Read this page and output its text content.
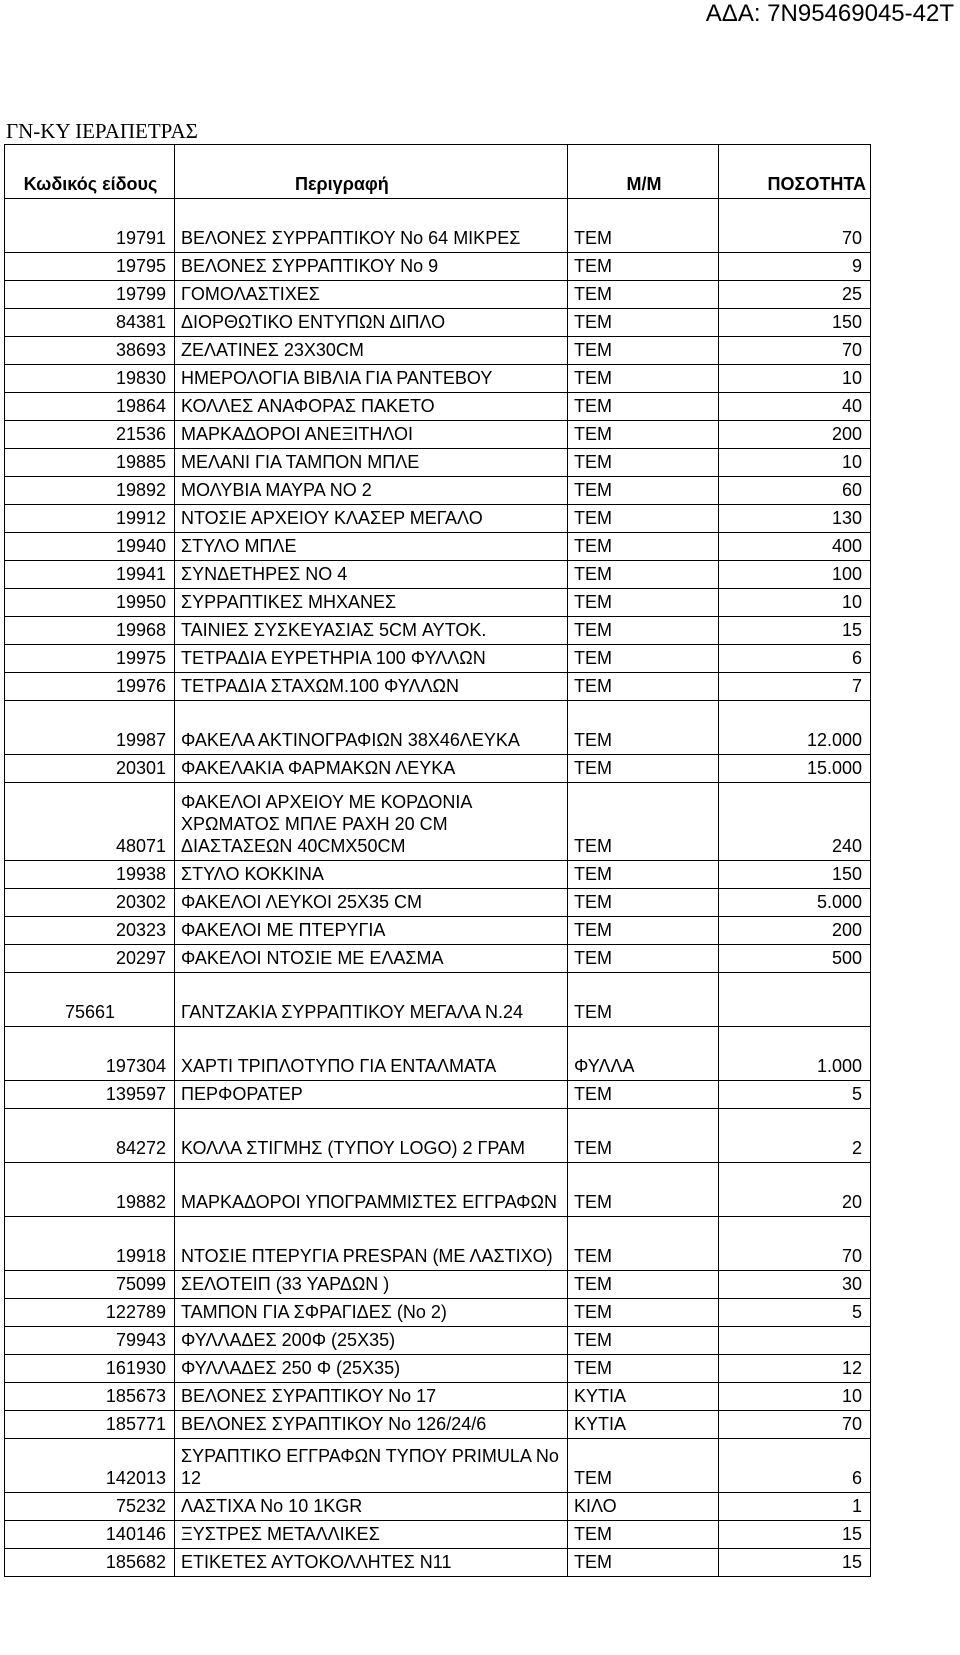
ΑΔΑ: 7Ν95469045-42Τ
ΓΝ-ΚΥ ΙΕΡΑΠΕΤΡΑΣ
Κωδικός είδους	Περιγραφή	Μ/Μ	ΠΟΣΟΤΗΤΑ
19791	ΒΕΛΟΝΕΣ ΣΥΡΡΑΠΤΙΚΟΥ Νο 64 ΜΙΚΡΕΣ	ΤΕΜ	70
19795	ΒΕΛΟΝΕΣ ΣΥΡΡΑΠΤΙΚΟΥ Νο 9	ΤΕΜ	9
19799	ΓΟΜΟΛΑΣΤΙΧΕΣ	ΤΕΜ	25
84381	ΔΙΟΡΘΩΤΙΚΟ ΕΝΤΥΠΩΝ ΔΙΠΛΟ	ΤΕΜ	150
38693	ΖΕΛΑΤΙΝΕΣ 23Χ30CM	ΤΕΜ	70
19830	ΗΜΕΡΟΛΟΓΙΑ ΒΙΒΛΙΑ ΓΙΑ ΡΑΝΤΕΒΟΥ	ΤΕΜ	10
19864	ΚΟΛΛΕΣ ΑΝΑΦΟΡΑΣ ΠΑΚΕΤΟ	ΤΕΜ	40
21536	ΜΑΡΚΑΔΟΡΟΙ ΑΝΕΞΙΤΗΛΟΙ	ΤΕΜ	200
19885	ΜΕΛΑΝΙ ΓΙΑ ΤΑΜΠΟΝ ΜΠΛΕ	ΤΕΜ	10
19892	ΜΟΛΥΒΙΑ ΜΑΥΡΑ ΝΟ 2	ΤΕΜ	60
19912	ΝΤΟΣΙΕ ΑΡΧΕΙΟΥ ΚΛΑΣΕΡ ΜΕΓΑΛΟ	ΤΕΜ	130
19940	ΣΤΥΛΟ ΜΠΛΕ	ΤΕΜ	400
19941	ΣΥΝΔΕΤΗΡΕΣ ΝΟ 4	ΤΕΜ	100
19950	ΣΥΡΡΑΠΤΙΚΕΣ ΜΗΧΑΝΕΣ	ΤΕΜ	10
19968	ΤΑΙΝΙΕΣ ΣΥΣΚΕΥΑΣΙΑΣ 5CM ΑΥΤΟΚ.	ΤΕΜ	15
19975	ΤΕΤΡΑΔΙΑ ΕΥΡΕΤΗΡΙΑ 100 ΦΥΛΛΩΝ	ΤΕΜ	6
19976	ΤΕΤΡΑΔΙΑ ΣΤΑΧΩΜ.100 ΦΥΛΛΩΝ	ΤΕΜ	7
19987	ΦΑΚΕΛΑ ΑΚΤΙΝΟΓΡΑΦΙΩΝ 38Χ46ΛΕΥΚΑ	ΤΕΜ	12.000
20301	ΦΑΚΕΛΑΚΙΑ ΦΑΡΜΑΚΩΝ ΛΕΥΚΑ	ΤΕΜ	15.000
48071	ΦΑΚΕΛΟΙ ΑΡΧΕΙΟΥ ΜΕ ΚΟΡΔΟΝΙΑ ΧΡΩΜΑΤΟΣ ΜΠΛΕ ΡΑΧΗ 20 CM ΔΙΑΣΤΑΣΕΩΝ 40CMX50CM	ΤΕΜ	240
19938	ΣΤΥΛΟ ΚΟΚΚΙΝΑ	ΤΕΜ	150
20302	ΦΑΚΕΛΟΙ ΛΕΥΚΟΙ 25Χ35 CM	ΤΕΜ	5.000
20323	ΦΑΚΕΛΟΙ ΜΕ ΠΤΕΡΥΓΙΑ	ΤΕΜ	200
20297	ΦΑΚΕΛΟΙ ΝΤΟΣΙΕ ΜΕ ΕΛΑΣΜΑ	ΤΕΜ	500
75661	ΓΑΝΤΖΑΚΙΑ ΣΥΡΡΑΠΤΙΚΟΥ ΜΕΓΑΛΑ Ν.24	ΤΕΜ	
197304	ΧΑΡΤΙ ΤΡΙΠΛΟΤΥΠΟ ΓΙΑ ΕΝΤΑΛΜΑΤΑ	ΦΥΛΛΑ	1.000
139597	ΠΕΡΦΟΡΑΤΕΡ	ΤΕΜ	5
84272	ΚΟΛΛΑ ΣΤΙΓΜΗΣ (ΤΥΠΟΥ LOGO) 2 ΓΡΑΜ	ΤΕΜ	2
19882	ΜΑΡΚΑΔΟΡΟΙ ΥΠΟΓΡΑΜΜΙΣΤΕΣ ΕΓΓΡΑΦΩΝ	ΤΕΜ	20
19918	ΝΤΟΣΙΕ ΠΤΕΡΥΓΙΑ PRESPAN (ΜΕ ΛΑΣΤΙΧΟ)	ΤΕΜ	70
75099	ΣΕΛΟΤΕΙΠ (33 ΥΑΡΔΩΝ )	ΤΕΜ	30
122789	ΤΑΜΠΟΝ ΓΙΑ ΣΦΡΑΓΙΔΕΣ (Νο 2)	ΤΕΜ	5
79943	ΦΥΛΛΑΔΕΣ 200Φ (25Χ35)	ΤΕΜ	
161930	ΦΥΛΛΑΔΕΣ 250 Φ (25Χ35)	ΤΕΜ	12
185673	ΒΕΛΟΝΕΣ ΣΥΡΑΠΤΙΚΟΥ Νο 17	ΚΥΤΙΑ	10
185771	ΒΕΛΟΝΕΣ ΣΥΡΑΠΤΙΚΟΥ Νο 126/24/6	ΚΥΤΙΑ	70
142013	ΣΥΡΑΠΤΙΚΟ ΕΓΓΡΑΦΩΝ ΤΥΠΟΥ PRIMULA Νο 12	ΤΕΜ	6
75232	ΛΑΣΤΙΧΑ Νο 10 1KGR	ΚΙΛΟ	1
140146	ΞΥΣΤΡΕΣ ΜΕΤΑΛΛΙΚΕΣ	ΤΕΜ	15
185682	ΕΤΙΚΕΤΕΣ ΑΥΤΟΚΟΛΛΗΤΕΣ Ν11	ΤΕΜ	15
